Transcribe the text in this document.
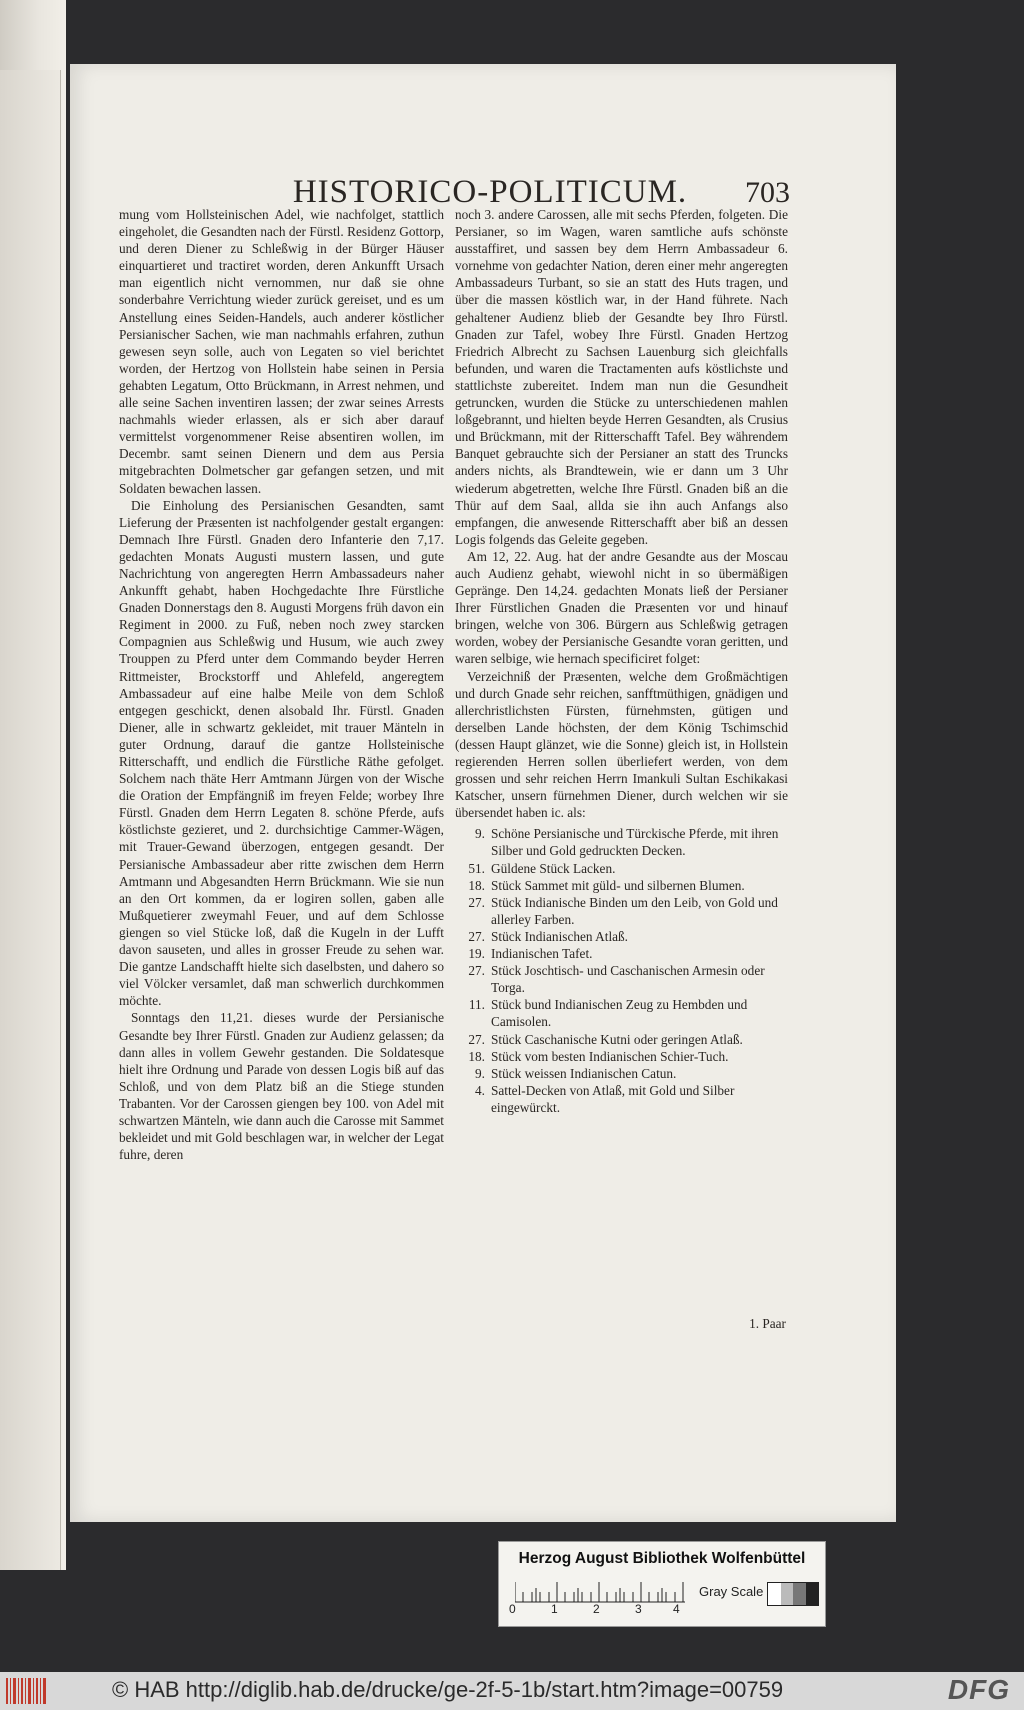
HISTORICO-POLITICUM.	703

mung vom Hollsteinischen Adel, wie nachfolget, stattlich eingeholet, die Gesandten nach der Fürstl. Residenz Gottorp, und deren Diener zu Schleßwig in der Bürger Häuser einquartieret und tractiret worden, deren Ankunfft Ursach man eigentlich nicht vernommen, nur daß sie ohne sonderbahre Verrichtung wieder zurück gereiset, und es um Anstellung eines Seiden-Handels, auch anderer köstlicher Persianischer Sachen, wie man nachmahls erfahren, zuthun gewesen seyn solle, auch von Legaten so viel berichtet worden, der Hertzog von Hollstein habe seinen in Persia gehabten Legatum, Otto Brückmann, in Arrest nehmen, und alle seine Sachen inventiren lassen; der zwar seines Arrests nachmahls wieder erlassen, als er sich aber darauf vermittelst vorgenommener Reise absentiren wollen, im Decembr. samt seinen Dienern und dem aus Persia mitgebrachten Dolmetscher gar gefangen setzen, und mit Soldaten bewachen lassen.

Die Einholung des Persianischen Gesandten, samt Lieferung der Præsenten ist nachfolgender gestalt ergangen: Demnach Ihre Fürstl. Gnaden dero Infanterie den 7,17. gedachten Monats Augusti mustern lassen, und gute Nachrichtung von angeregten Herrn Ambassadeurs naher Ankunfft gehabt, haben Hochgedachte Ihre Fürstliche Gnaden Donnerstags den 8. Augusti Morgens früh davon ein Regiment in 2000. zu Fuß, neben noch zwey starcken Compagnien aus Schleßwig und Husum, wie auch zwey Trouppen zu Pferd unter dem Commando beyder Herren Rittmeister, Brockstorff und Ahlefeld, angeregtem Ambassadeur auf eine halbe Meile von dem Schloß entgegen geschickt, denen alsobald Ihr. Fürstl. Gnaden Diener, alle in schwartz gekleidet, mit trauer Mänteln in guter Ordnung, darauf die gantze Hollsteinische Ritterschafft, und endlich die Fürstliche Räthe gefolget. Solchem nach thäte Herr Amtmann Jürgen von der Wische die Oration der Empfängniß im freyen Felde; worbey Ihre Fürstl. Gnaden dem Herrn Legaten 8. schöne Pferde, aufs köstlichste gezieret, und 2. durchsichtige Cammer-Wägen, mit Trauer-Gewand überzogen, entgegen gesandt. Der Persianische Ambassadeur aber ritte zwischen dem Herrn Amtmann und Abgesandten Herrn Brückmann. Wie sie nun an den Ort kommen, da er logiren sollen, gaben alle Mußquetierer zweymahl Feuer, und auf dem Schlosse giengen so viel Stücke loß, daß die Kugeln in der Lufft davon sauseten, und alles in grosser Freude zu sehen war. Die gantze Landschafft hielte sich daselbsten, und dahero so viel Völcker versamlet, daß man schwerlich durchkommen möchte.

Sonntags den 11,21. dieses wurde der Persianische Gesandte bey Ihrer Fürstl. Gnaden zur Audienz gelassen; da dann alles in vollem Gewehr gestanden. Die Soldatesque hielt ihre Ordnung und Parade von dessen Logis biß auf das Schloß, und von dem Platz biß an die Stiege stunden Trabanten. Vor der Carossen giengen bey 100. von Adel mit schwartzen Mänteln, wie dann auch die Carosse mit Sammet bekleidet und mit Gold beschlagen war, in welcher der Legat fuhre, deren

noch 3. andere Carossen, alle mit sechs Pferden, folgeten. Die Persianer, so im Wagen, waren samtliche aufs schönste ausstaffiret, und sassen bey dem Herrn Ambassadeur 6. vornehme von gedachter Nation, deren einer mehr angeregten Ambassadeurs Turbant, so sie an statt des Huts tragen, und über die massen köstlich war, in der Hand führete. Nach gehaltener Audienz blieb der Gesandte bey Ihro Fürstl. Gnaden zur Tafel, wobey Ihre Fürstl. Gnaden Hertzog Friedrich Albrecht zu Sachsen Lauenburg sich gleichfalls befunden, und waren die Tractamenten aufs köstlichste und stattlichste zubereitet. Indem man nun die Gesundheit getruncken, wurden die Stücke zu unterschiedenen mahlen loßgebrannt, und hielten beyde Herren Gesandten, als Crusius und Brückmann, mit der Ritterschafft Tafel. Bey währendem Banquet gebrauchte sich der Persianer an statt des Truncks anders nichts, als Brandtewein, wie er dann um 3 Uhr wiederum abgetretten, welche Ihre Fürstl. Gnaden biß an die Thür auf dem Saal, allda sie ihn auch Anfangs also empfangen, die anwesende Ritterschafft aber biß an dessen Logis folgends das Geleite gegeben.

Am 12, 22. Aug. hat der andre Gesandte aus der Moscau auch Audienz gehabt, wiewohl nicht in so übermäßigen Gepränge. Den 14,24. gedachten Monats ließ der Persianer Ihrer Fürstlichen Gnaden die Præsenten vor und hinauf bringen, welche von 306. Bürgern aus Schleßwig getragen worden, wobey der Persianische Gesandte voran geritten, und waren selbige, wie hernach specificiret folget:

Verzeichniß der Præsenten, welche dem Großmächtigen und durch Gnade sehr reichen, sanfftmüthigen, gnädigen und allerchristlichsten Fürsten, fürnehmsten, gütigen und derselben Lande höchsten, der dem König Tschimschid (dessen Haupt glänzet, wie die Sonne) gleich ist, in Hollstein regierenden Herren sollen überliefert werden, von dem grossen und sehr reichen Herrn Imankuli Sultan Eschikakasi Katscher, unsern fürnehmen Diener, durch welchen wir sie übersendet haben ic. als:

9. Schöne Persianische und Türckische Pferde, mit ihren Silber und Gold gedruckten Decken.
51. Güldene Stück Lacken.
18. Stück Sammet mit güld- und silbernen Blumen.
27. Stück Indianische Binden um den Leib, von Gold und allerley Farben.
27. Stück Indianischen Atlaß.
19. Indianischen Tafet.
27. Stück Joschtisch- und Caschanischen Armesin oder Torga.
11. Stück bund Indianischen Zeug zu Hembden und Camisolen.
27. Stück Caschanische Kutni oder geringen Atlaß.
18. Stück vom besten Indianischen Schier-Tuch.
9. Stück weissen Indianischen Catun.
4. Sattel-Decken von Atlaß, mit Gold und Silber eingewürckt.
1. Paar
Herzog August Bibliothek Wolfenbüttel
0	1	2	3	4
Gray Scale
© HAB http://diglib.hab.de/drucke/ge-2f-5-1b/start.htm?image=00759	DFG
